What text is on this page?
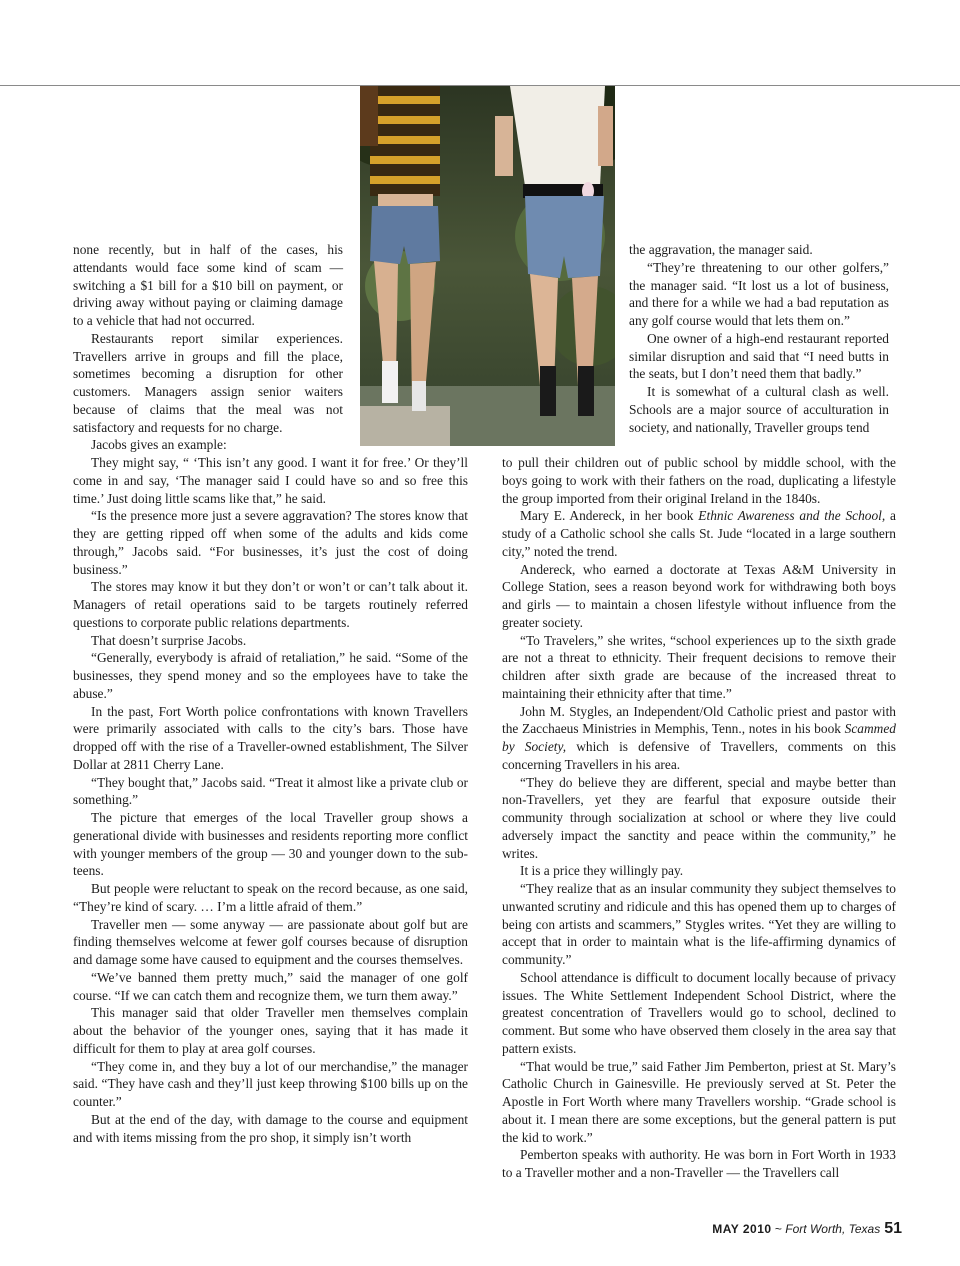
none recently, but in half of the cases, his attendants would face some kind of scam — switching a $1 bill for a $10 bill on payment, or driving away without paying or claiming damage to a vehicle that had not occurred.

Restaurants report similar experiences. Travellers arrive in groups and fill the place, sometimes becoming a disruption for other customers. Managers assign senior waiters because of claims that the meal was not satisfactory and requests for no charge.

Jacobs gives an example:

They might say, “ ‘This isn’t any good. I want it for free.’ Or they’ll come in and say, ‘The manager said I could have so and so free this time.’ Just doing little scams like that,” he said.

“Is the presence more just a severe aggravation? The stores know that they are getting ripped off when some of the adults and kids come through,” Jacobs said. “For businesses, it’s just the cost of doing business.”

The stores may know it but they don’t or won’t or can’t talk about it. Managers of retail operations said to be targets routinely referred questions to corporate public relations departments.

That doesn’t surprise Jacobs.

“Generally, everybody is afraid of retaliation,” he said. “Some of the businesses, they spend money and so the employees have to take the abuse.”

In the past, Fort Worth police confrontations with known Travellers were primarily associated with calls to the city’s bars. Those have dropped off with the rise of a Traveller-owned establishment, The Silver Dollar at 2811 Cherry Lane.

“They bought that,” Jacobs said. “Treat it almost like a private club or something.”

The picture that emerges of the local Traveller group shows a generational divide with businesses and residents reporting more conflict with younger members of the group — 30 and younger down to the sub-teens.

But people were reluctant to speak on the record because, as one said, “They’re kind of scary. … I’m a little afraid of them.”

Traveller men — some anyway — are passionate about golf but are finding themselves welcome at fewer golf courses because of disruption and damage some have caused to equipment and the courses themselves.

“We’ve banned them pretty much,” said the manager of one golf course. “If we can catch them and recognize them, we turn them away.”

This manager said that older Traveller men themselves complain about the behavior of the younger ones, saying that it has made it difficult for them to play at area golf courses.

“They come in, and they buy a lot of our merchandise,” the manager said. “They have cash and they’ll just keep throwing $100 bills up on the counter.”

But at the end of the day, with damage to the course and equipment and with items missing from the pro shop, it simply isn’t worth

the aggravation, the manager said.

“They’re threatening to our other golfers,” the manager said. “It lost us a lot of business, and there for a while we had a bad reputation as any golf course would that lets them on.”

One owner of a high-end restaurant reported similar disruption and said that “I need butts in the seats, but I don’t need them that badly.”

It is somewhat of a cultural clash as well. Schools are a major source of acculturation in society, and nationally, Traveller groups tend

to pull their children out of public school by middle school, with the boys going to work with their fathers on the road, duplicating a lifestyle the group imported from their original Ireland in the 1840s.

Mary E. Andereck, in her book Ethnic Awareness and the School, a study of a Catholic school she calls St. Jude “located in a large southern city,” noted the trend.

Andereck, who earned a doctorate at Texas A&M University in College Station, sees a reason beyond work for withdrawing both boys and girls — to maintain a chosen lifestyle without influence from the greater society.

“To Travelers,” she writes, “school experiences up to the sixth grade are not a threat to ethnicity. Their frequent decisions to remove their children after sixth grade are because of the increased threat to maintaining their ethnicity after that time.”

John M. Stygles, an Independent/Old Catholic priest and pastor with the Zacchaeus Ministries in Memphis, Tenn., notes in his book Scammed by Society, which is defensive of Travellers, comments on this concerning Travellers in his area.

“They do believe they are different, special and maybe better than non-Travellers, yet they are fearful that exposure outside their community through socialization at school or where they live could adversely impact the sanctity and peace within the community,” he writes.

It is a price they willingly pay.

“They realize that as an insular community they subject themselves to unwanted scrutiny and ridicule and this has opened them up to charges of being con artists and scammers,” Stygles writes. “Yet they are willing to accept that in order to maintain what is the life-affirming dynamics of community.”

School attendance is difficult to document locally because of privacy issues. The White Settlement Independent School District, where the greatest concentration of Travellers would go to school, declined to comment. But some who have observed them closely in the area say that pattern exists.

“That would be true,” said Father Jim Pemberton, priest at St. Mary’s Catholic Church in Gainesville. He previously served at St. Peter the Apostle in Fort Worth where many Travellers worship. “Grade school is about it. I mean there are some exceptions, but the general pattern is put the kid to work.”

Pemberton speaks with authority. He was born in Fort Worth in 1933 to a Traveller mother and a non-Traveller — the Travellers call

MAY 2010 ~ Fort Worth, Texas 51
